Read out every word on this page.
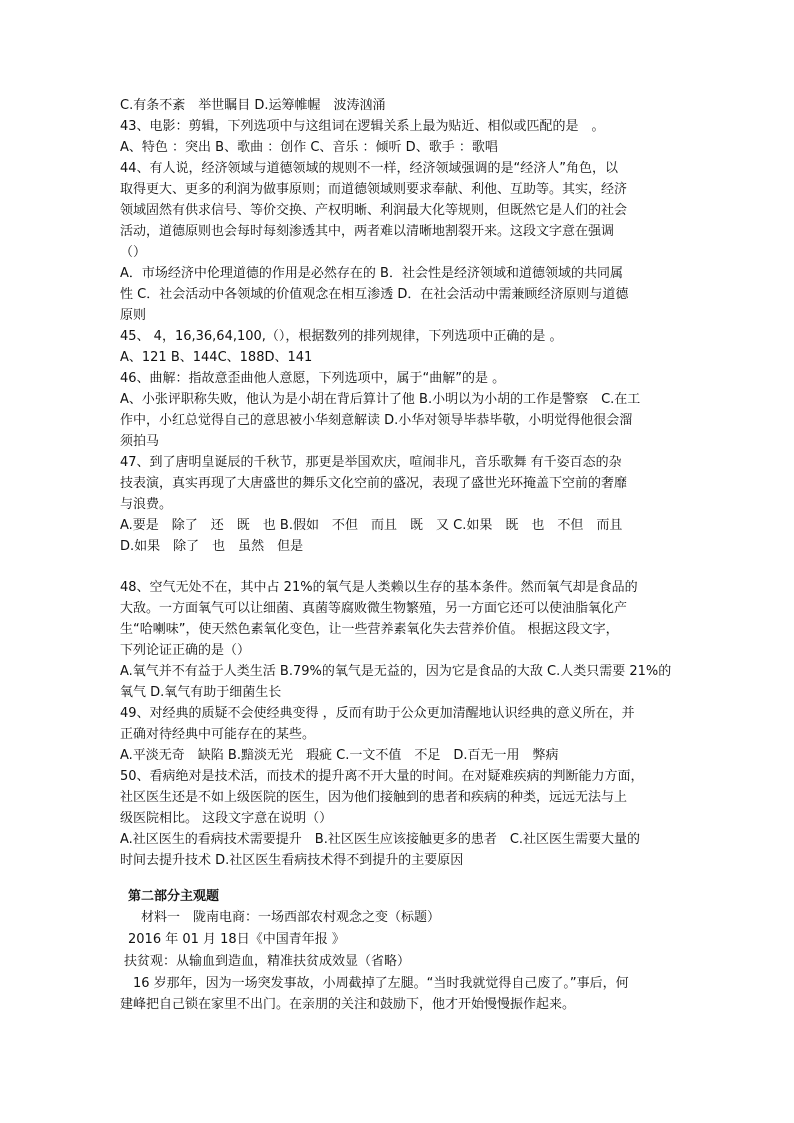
C.有条不紊　举世瞩目 D.运筹帷幄　波涛汹涌
43、电影：剪辑，下列选项中与这组词在逻辑关系上最为贴近、相似或匹配的是　。
A、特色 ：突出 B、歌曲 ：创作 C、音乐 ：倾听 D、歌手 ：歌唱
44、有人说，经济领域与道德领域的规则不一样，经济领域强调的是“经济人”角色，以
取得更大、更多的利润为做事原则；而道德领域则要求奉献、利他、互助等。其实，经济
领域固然有供求信号、等价交换、产权明晰、利润最大化等规则，但既然它是人们的社会
活动，道德原则也会每时每刻渗透其中，两者难以清晰地割裂开来。这段文字意在强调
（）
A．市场经济中伦理道德的作用是必然存在的 B．社会性是经济领域和道德领域的共同属
性 C．社会活动中各领域的价值观念在相互渗透 D．在社会活动中需兼顾经济原则与道德
原则
45、 4，16,36,64,100,（），根据数列的排列规律，下列选项中正确的是 。
A、121 B、144C、188D、141
46、曲解：指故意歪曲他人意愿，下列选项中，属于“曲解”的是 。
A、小张评职称失败，他认为是小胡在背后算计了他 B.小明以为小胡的工作是警察　C.在工
作中，小红总觉得自己的意思被小华刻意解读 D.小华对领导毕恭毕敬，小明觉得他很会溜
须拍马
47、到了唐明皇诞辰的千秋节，那更是举国欢庆，喧闹非凡，音乐歌舞 有千姿百态的杂
技表演，真实再现了大唐盛世的舞乐文化空前的盛况，表现了盛世光环掩盖下空前的奢靡
与浪费。
A.要是　除了　还　既　也 B.假如　不但　而且　既　又 C.如果　既　也　不但　而且
D.如果　除了　也　虽然　但是
48、空气无处不在，其中占 21%的氧气是人类赖以生存的基本条件。然而氧气却是食品的
大敌。一方面氧气可以让细菌、真菌等腐败微生物繁殖，另一方面它还可以使油脂氧化产
生“哈喇味”，使天然色素氧化变色，让一些营养素氧化失去营养价值。 根据这段文字，
下列论证正确的是（）
A.氧气并不有益于人类生活 B.79%的氧气是无益的，因为它是食品的大敌 C.人类只需要 21%的
氧气 D.氧气有助于细菌生长
49、对经典的质疑不会使经典变得 ，反而有助于公众更加清醒地认识经典的意义所在，并
正确对待经典中可能存在的某些。
A.平淡无奇　缺陷 B.黯淡无光　瑕疵 C.一文不值　不足　D.百无一用　弊病
50、看病绝对是技术活，而技术的提升离不开大量的时间。在对疑难疾病的判断能力方面，
社区医生还是不如上级医院的医生，因为他们接触到的患者和疾病的种类，远远无法与上
级医院相比。 这段文字意在说明（）
A.社区医生的看病技术需要提升　B.社区医生应该接触更多的患者　C.社区医生需要大量的
时间去提升技术 D.社区医生看病技术得不到提升的主要原因
第二部分主观题
　材料一　陇南电商：一场西部农村观念之变（标题）
2016 年 01 月 18日《中国青年报 》
扶贫观：从输血到造血，精准扶贫成效显（省略）
　16 岁那年，因为一场突发事故，小周截掉了左腿。“当时我就觉得自己废了。”事后，何
建峰把自己锁在家里不出门。在亲朋的关注和鼓励下，他才开始慢慢振作起来。
